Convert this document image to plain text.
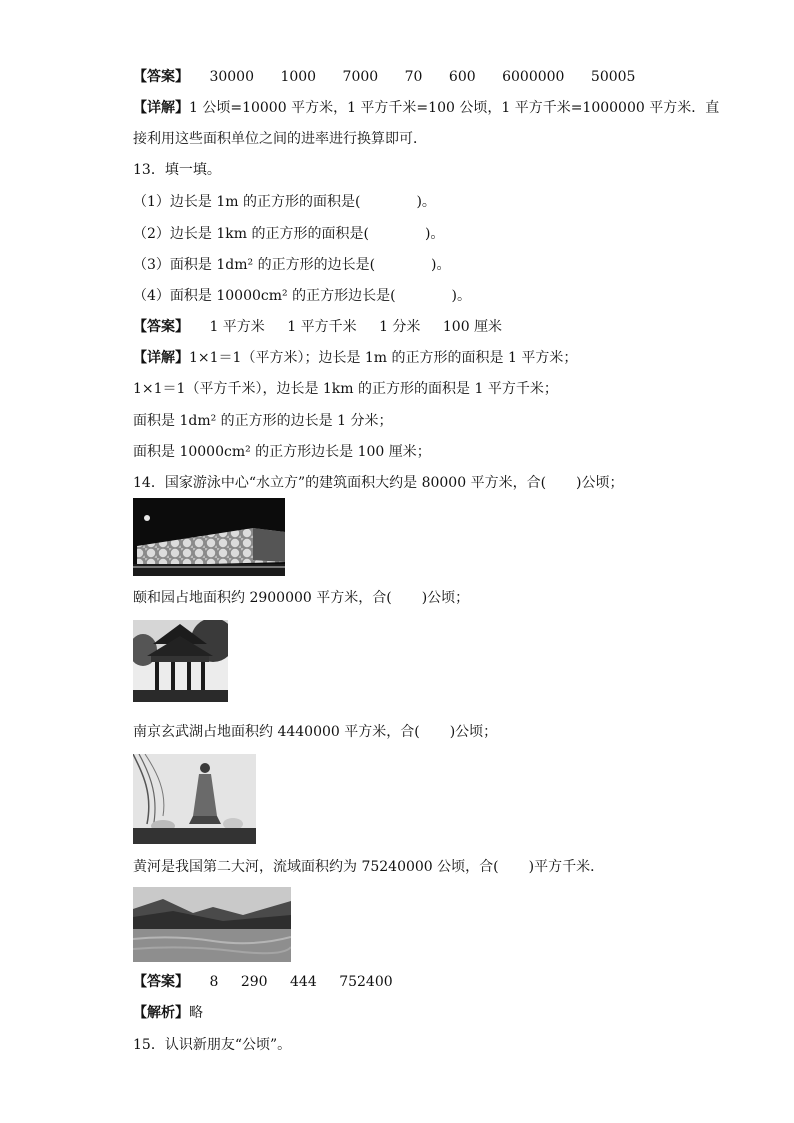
【答案】 30000 1000 7000 70 600 6000000 50005
【详解】1 公顷=10000 平方米，1 平方千米=100 公顷，1 平方千米=1000000 平方米．直
接利用这些面积单位之间的进率进行换算即可．
13．填一填。
（1）边长是 1m 的正方形的面积是(	)。
（2）边长是 1km 的正方形的面积是(	)。
（3）面积是 1dm² 的正方形的边长是(	)。
（4）面积是 10000cm² 的正方形边长是(	)。
【答案】 1 平方米 1 平方千米 1 分米 100 厘米
【详解】1×1＝1（平方米）；边长是 1m 的正方形的面积是 1 平方米；
1×1＝1（平方千米），边长是 1km 的正方形的面积是 1 平方千米；
面积是 1dm² 的正方形的边长是 1 分米；
面积是 10000cm² 的正方形边长是 100 厘米；
14．国家游泳中心“水立方”的建筑面积大约是 80000 平方米，合( )公顷；
颐和园占地面积约 2900000 平方米，合( )公顷；
南京玄武湖占地面积约 4440000 平方米，合( )公顷；
黄河是我国第二大河，流域面积约为 75240000 公顷，合( )平方千米．
【答案】 8 290 444 752400
【解析】略
15．认识新朋友“公顷”。
